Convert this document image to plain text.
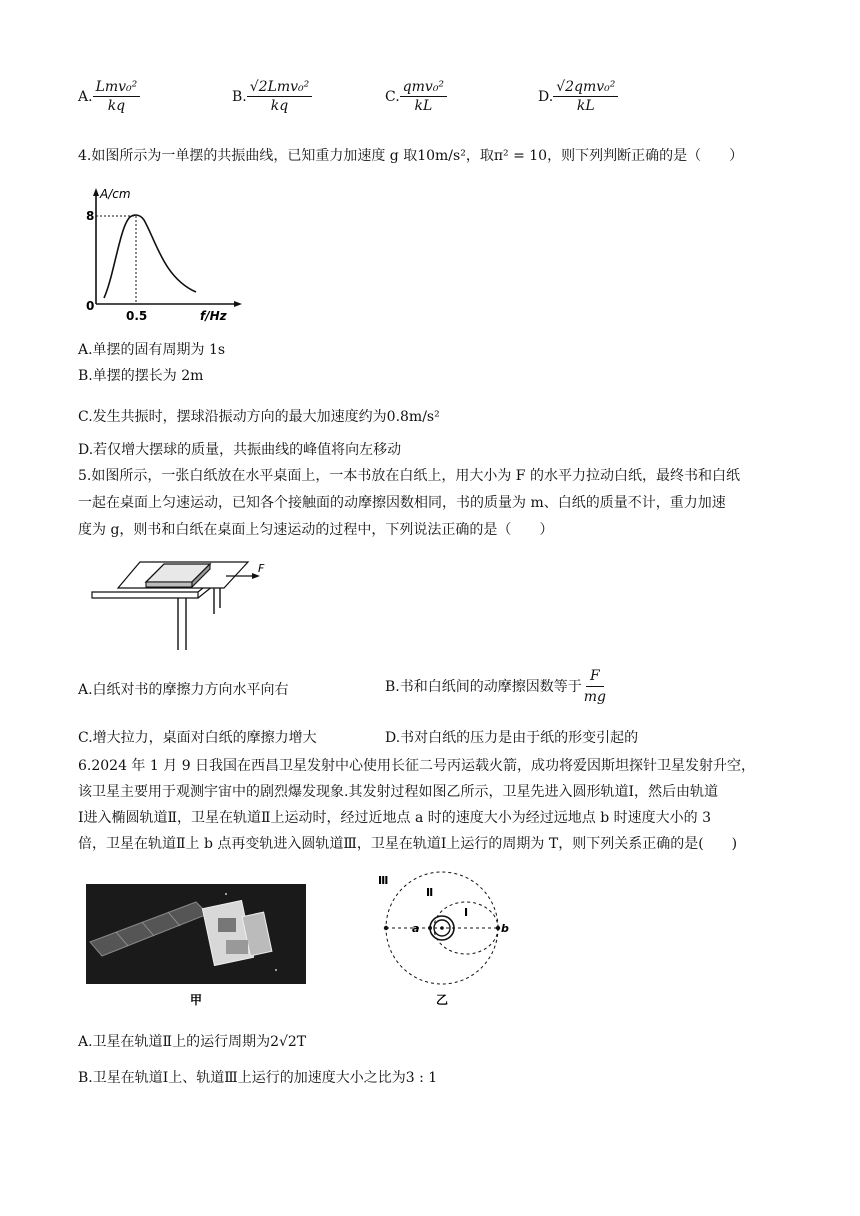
A. $\frac{\text{Lmv₀²}}{kq}$	B. $\frac{\text{√2Lmv₀²}}{kq}$	C. $\frac{\text{qmv₀²}}{kL}$	D. $\frac{\text{√2qmv₀²}}{kL}$
4.如图所示为一单摆的共振曲线，已知重力加速度 g 取10m/s²，取π² = 10，则下列判断正确的是（　　）
A/cm
8
0
0.5	f/Hz
A.单摆的固有周期为 1s
B.单摆的摆长为 2m
C.发生共振时，摆球沿振动方向的最大加速度约为0.8m/s²
D.若仅增大摆球的质量，共振曲线的峰值将向左移动
5.如图所示，一张白纸放在水平桌面上，一本书放在白纸上，用大小为 F 的水平力拉动白纸，最终书和白纸
一起在桌面上匀速运动，已知各个接触面的动摩擦因数相同，书的质量为 m、白纸的质量不计，重力加速
度为 g，则书和白纸在桌面上匀速运动的过程中，下列说法正确的是（　　）
F
A.白纸对书的摩擦力方向水平向右	B.书和白纸间的动摩擦因数等于 $\frac{F}{mg}$
C.增大拉力，桌面对白纸的摩擦力增大	D.书对白纸的压力是由于纸的形变引起的
6.2024 年 1 月 9 日我国在西昌卫星发射中心使用长征二号丙运载火箭，成功将爱因斯坦探针卫星发射升空，
该卫星主要用于观测宇宙中的剧烈爆发现象.其发射过程如图乙所示，卫星先进入圆形轨道Ⅰ，然后由轨道
Ⅰ进入椭圆轨道Ⅱ，卫星在轨道Ⅱ上运动时，经过近地点 a 时的速度大小为经过远地点 b 时速度大小的 3
倍，卫星在轨道Ⅱ上 b 点再变轨进入圆轨道Ⅲ，卫星在轨道Ⅰ上运行的周期为 T，则下列关系正确的是(　　)
甲
Ⅲ
Ⅱ
Ⅰ
a	b
乙
A.卫星在轨道Ⅱ上的运行周期为2√2T
B.卫星在轨道Ⅰ上、轨道Ⅲ上运行的加速度大小之比为3 : 1
